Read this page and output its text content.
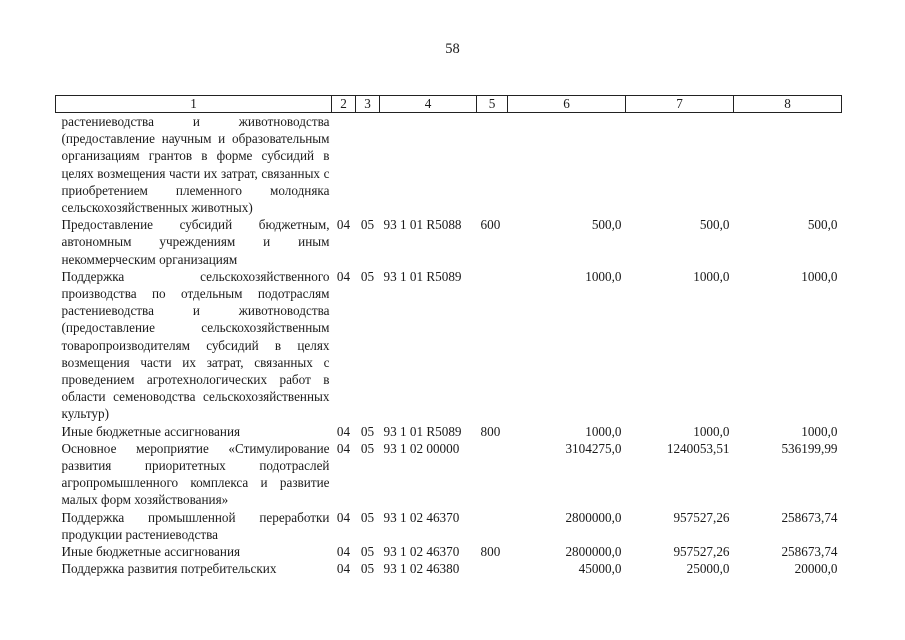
58
1	2	3	4	5	6	7	8
растениеводства и животноводства (предоставление научным и образовательным организациям грантов в форме субсидий в целях возмещения части их затрат, связанных с приобретением племенного молодняка сельскохозяйственных животных)							
Предоставление субсидий бюджетным, автономным учреждениям и иным некоммерческим организациям	04	05	93 1 01 R5088	600	500,0	500,0	500,0
Поддержка сельскохозяйственного производства по отдельным подотраслям растениеводства и животноводства (предоставление сельскохозяйственным товаропроизводителям субсидий в целях возмещения части их затрат, связанных с проведением агротехнологических работ в области семеноводства сельскохозяйственных культур)	04	05	93 1 01 R5089		1000,0	1000,0	1000,0
Иные бюджетные ассигнования	04	05	93 1 01 R5089	800	1000,0	1000,0	1000,0
Основное мероприятие «Стимулирование развития приоритетных подотраслей агропромышленного комплекса и развитие малых форм хозяйствования»	04	05	93 1 02 00000		3104275,0	1240053,51	536199,99
Поддержка промышленной переработки продукции растениеводства	04	05	93 1 02 46370		2800000,0	957527,26	258673,74
Иные бюджетные ассигнования	04	05	93 1 02 46370	800	2800000,0	957527,26	258673,74
Поддержка развития потребительских	04	05	93 1 02 46380		45000,0	25000,0	20000,0
